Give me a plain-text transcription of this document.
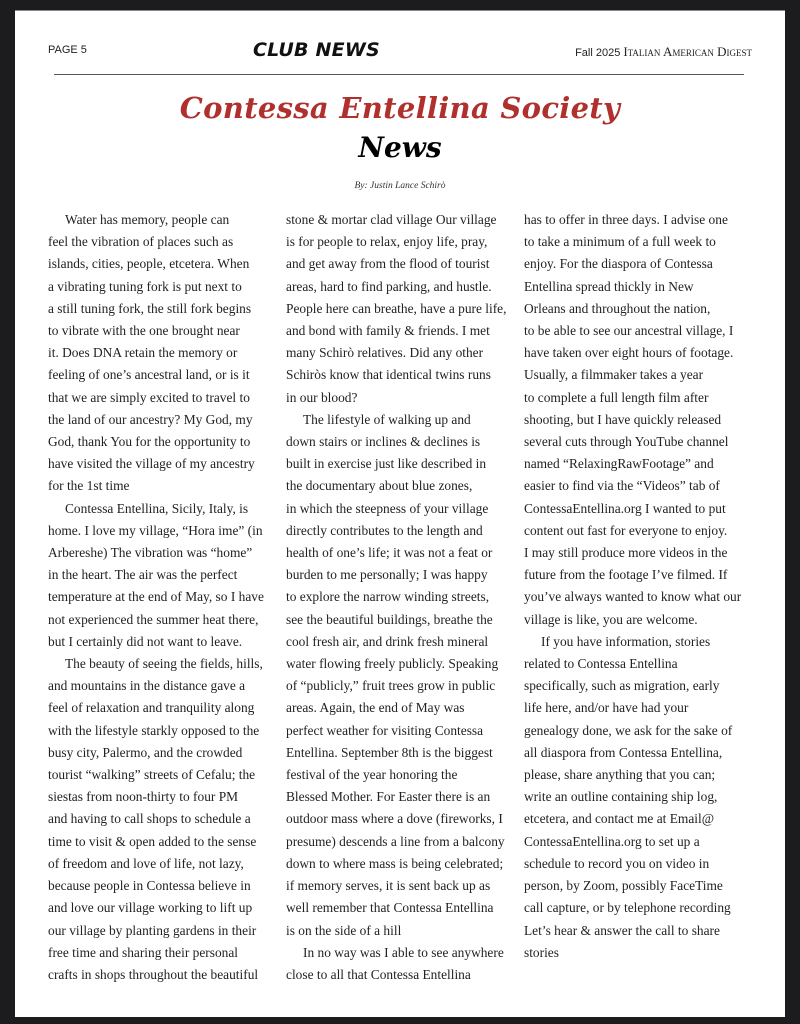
PAGE 5	CLUB NEWS	Fall 2025 Italian American Digest
Contessa Entellina Society
News
By: Justin Lance Schirò
Water has memory, people can
feel the vibration of places such as
islands, cities, people, etcetera. When
a vibrating tuning fork is put next to
a still tuning fork, the still fork begins
to vibrate with the one brought near
it. Does DNA retain the memory or
feeling of one’s ancestral land, or is it
that we are simply excited to travel to
the land of our ancestry? My God, my
God, thank You for the opportunity to
have visited the village of my ancestry
for the 1st time
Contessa Entellina, Sicily, Italy, is
home. I love my village, “Hora ime” (in
Arbereshe) The vibration was “home”
in the heart. The air was the perfect
temperature at the end of May, so I have
not experienced the summer heat there,
but I certainly did not want to leave.
The beauty of seeing the fields, hills,
and mountains in the distance gave a
feel of relaxation and tranquility along
with the lifestyle starkly opposed to the
busy city, Palermo, and the crowded
tourist “walking” streets of Cefalu; the
siestas from noon-thirty to four PM
and having to call shops to schedule a
time to visit & open added to the sense
of freedom and love of life, not lazy,
because people in Contessa believe in
and love our village working to lift up
our village by planting gardens in their
free time and sharing their personal
crafts in shops throughout the beautiful
stone & mortar clad village Our village
is for people to relax, enjoy life, pray,
and get away from the flood of tourist
areas, hard to find parking, and hustle.
People here can breathe, have a pure life,
and bond with family & friends. I met
many Schirò relatives. Did any other
Schiròs know that identical twins runs
in our blood?
The lifestyle of walking up and
down stairs or inclines & declines is
built in exercise just like described in
the documentary about blue zones,
in which the steepness of your village
directly contributes to the length and
health of one’s life; it was not a feat or
burden to me personally; I was happy
to explore the narrow winding streets,
see the beautiful buildings, breathe the
cool fresh air, and drink fresh mineral
water flowing freely publicly. Speaking
of “publicly,” fruit trees grow in public
areas. Again, the end of May was
perfect weather for visiting Contessa
Entellina. September 8th is the biggest
festival of the year honoring the
Blessed Mother. For Easter there is an
outdoor mass where a dove (fireworks, I
presume) descends a line from a balcony
down to where mass is being celebrated;
if memory serves, it is sent back up as
well remember that Contessa Entellina
is on the side of a hill
In no way was I able to see anywhere
close to all that Contessa Entellina
has to offer in three days. I advise one
to take a minimum of a full week to
enjoy. For the diaspora of Contessa
Entellina spread thickly in New
Orleans and throughout the nation,
to be able to see our ancestral village, I
have taken over eight hours of footage.
Usually, a filmmaker takes a year
to complete a full length film after
shooting, but I have quickly released
several cuts through YouTube channel
named “RelaxingRawFootage” and
easier to find via the “Videos” tab of
ContessaEntellina.org I wanted to put
content out fast for everyone to enjoy.
I may still produce more videos in the
future from the footage I’ve filmed. If
you’ve always wanted to know what our
village is like, you are welcome.
If you have information, stories
related to Contessa Entellina
specifically, such as migration, early
life here, and/or have had your
genealogy done, we ask for the sake of
all diaspora from Contessa Entellina,
please, share anything that you can;
write an outline containing ship log,
etcetera, and contact me at Email@
ContessaEntellina.org to set up a
schedule to record you on video in
person, by Zoom, possibly FaceTime
call capture, or by telephone recording
Let’s hear & answer the call to share
stories
